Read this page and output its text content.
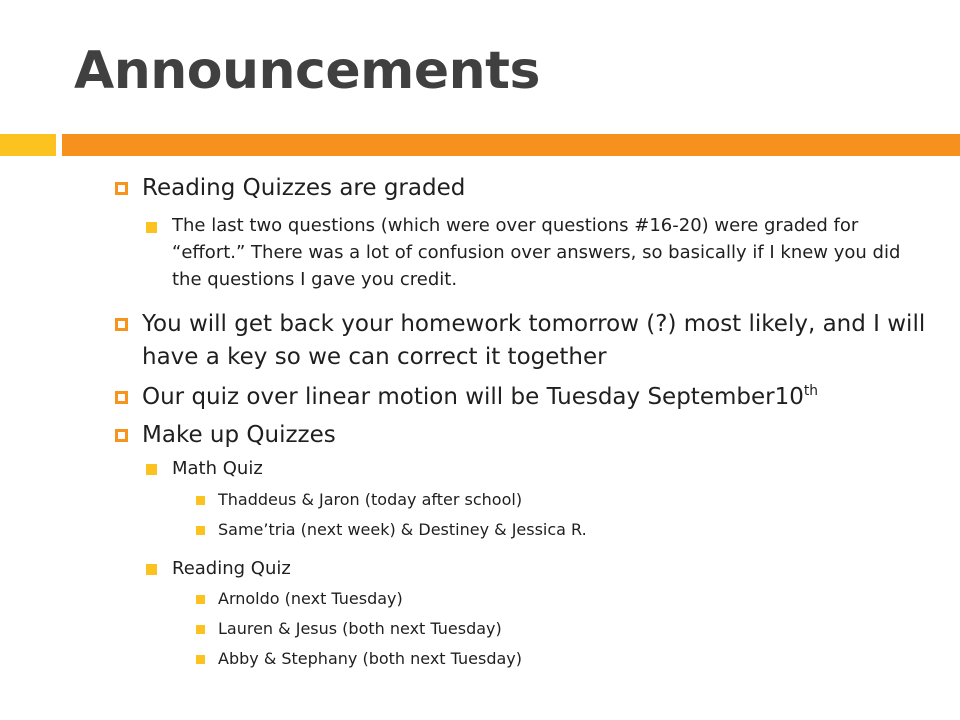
Announcements
Reading Quizzes are graded
The last two questions (which were over questions #16-20) were graded for “effort.” There was a lot of confusion over answers, so basically if I knew you did the questions I gave you credit.
You will get back your homework tomorrow (?) most likely, and I will have a key so we can correct it together
Our quiz over linear motion will be Tuesday September10th
Make up Quizzes
Math Quiz
Thaddeus & Jaron (today after school)
Same’tria (next week) & Destiney & Jessica R.
Reading Quiz
Arnoldo (next Tuesday)
Lauren & Jesus (both next Tuesday)
Abby & Stephany (both next Tuesday)
